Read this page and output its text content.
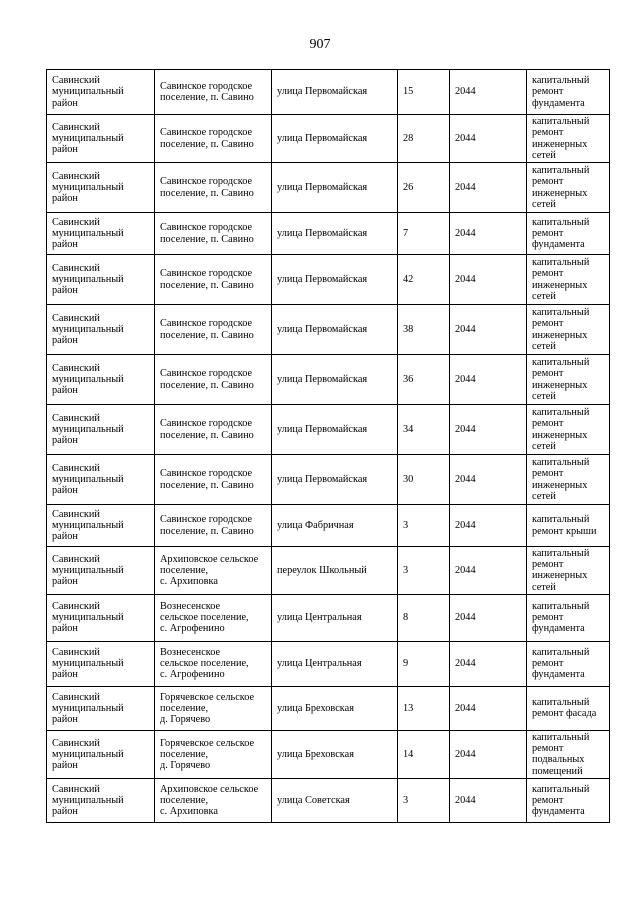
907
Савинский
муниципальный
район	Савинское городское
поселение, п. Савино	улица Первомайская	15	2044	капитальный
ремонт
фундамента
Савинский
муниципальный
район	Савинское городское
поселение, п. Савино	улица Первомайская	28	2044	капитальный
ремонт
инженерных
сетей
Савинский
муниципальный
район	Савинское городское
поселение, п. Савино	улица Первомайская	26	2044	капитальный
ремонт
инженерных
сетей
Савинский
муниципальный
район	Савинское городское
поселение, п. Савино	улица Первомайская	7	2044	капитальный
ремонт
фундамента
Савинский
муниципальный
район	Савинское городское
поселение, п. Савино	улица Первомайская	42	2044	капитальный
ремонт
инженерных
сетей
Савинский
муниципальный
район	Савинское городское
поселение, п. Савино	улица Первомайская	38	2044	капитальный
ремонт
инженерных
сетей
Савинский
муниципальный
район	Савинское городское
поселение, п. Савино	улица Первомайская	36	2044	капитальный
ремонт
инженерных
сетей
Савинский
муниципальный
район	Савинское городское
поселение, п. Савино	улица Первомайская	34	2044	капитальный
ремонт
инженерных
сетей
Савинский
муниципальный
район	Савинское городское
поселение, п. Савино	улица Первомайская	30	2044	капитальный
ремонт
инженерных
сетей
Савинский
муниципальный
район	Савинское городское
поселение, п. Савино	улица Фабричная	3	2044	капитальный
ремонт крыши
Савинский
муниципальный
район	Архиповское сельское
поселение,
с. Архиповка	переулок Школьный	3	2044	капитальный
ремонт
инженерных
сетей
Савинский
муниципальный
район	Вознесенское
сельское поселение,
с. Агрофенино	улица Центральная	8	2044	капитальный
ремонт
фундамента
Савинский
муниципальный
район	Вознесенское
сельское поселение,
с. Агрофенино	улица Центральная	9	2044	капитальный
ремонт
фундамента
Савинский
муниципальный
район	Горячевское сельское
поселение,
д. Горячево	улица Бреховская	13	2044	капитальный
ремонт фасада
Савинский
муниципальный
район	Горячевское сельское
поселение,
д. Горячево	улица Бреховская	14	2044	капитальный
ремонт
подвальных
помещений
Савинский
муниципальный
район	Архиповское сельское
поселение,
с. Архиповка	улица Советская	3	2044	капитальный
ремонт
фундамента
